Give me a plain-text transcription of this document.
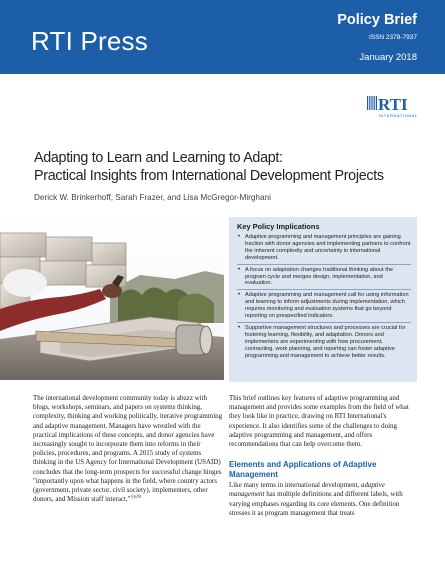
RTI Press
Policy Brief
ISSN 2378-7937
January 2018
RTI
INTERNATIONAL
Adapting to Learn and Learning to Adapt:
Practical Insights from International Development Projects
Derick W. Brinkerhoff, Sarah Frazer, and Lisa McGregor-Mirghani
Key Policy Implications
• Adaptive programming and management principles are gaining traction with donor agencies and implementing partners to confront the inherent complexity and uncertainty in international development.
• A focus on adaptation changes traditional thinking about the program cycle and merges design, implementation, and evaluation.
• Adaptive programming and management call for using information and learning to inform adjustments during implementation, which requires monitoring and evaluation systems that go beyond reporting on prespecified indicators.
• Supportive management structures and processes are crucial for fostering learning, flexibility, and adaptation. Donors and implementers are experimenting with how procurement, contracting, work planning, and reporting can foster adaptive programming and management to achieve better results.

The international development community today is abuzz with blogs, workshops, seminars, and papers on systems thinking, complexity, thinking and working politically, iterative programming and adaptive management. Managers have wrestled with the practical implications of these concepts, and donor agencies have increasingly sought to incorporate them into reforms in their policies, procedures, and programs. A 2015 study of systems thinking in the US Agency for International Development (USAID) concludes that the long-term prospects for successful change hinges "importantly upon what happens in the field, where country actors (government, private sector, civil society), implementers, other donors, and Mission staff interact."$^{1(p26)}$

This brief outlines key features of adaptive programming and management and provides some examples from the field of what they look like in practice, drawing on RTI International's experience. It also identifies some of the challenges to doing adaptive programming and management, and offers recommendations that can help overcome them.

Elements and Applications of Adaptive Management

Like many terms in international development, adaptive management has multiple definitions and different labels, with varying emphases regarding its core elements. One definition stresses it as program management that treats
